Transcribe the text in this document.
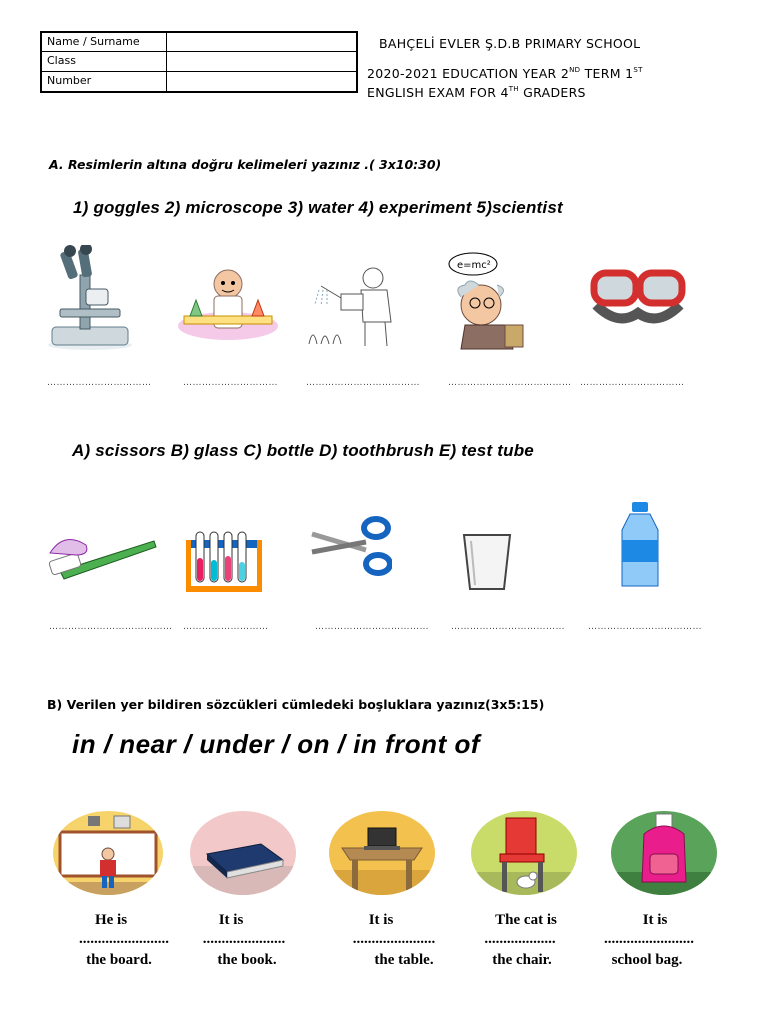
Name / Surname
Class
Number
BAHÇELİ EVLER Ş.D.B PRIMARY SCHOOL
2020-2021 EDUCATION YEAR 2ND TERM 1ST
ENGLISH EXAM FOR 4TH GRADERS
A. Resimlerin altına doğru kelimeleri yazınız .( 3x10:30)
1) goggles 2) microscope 3) water 4) experiment 5)scientist
e=mc²
……………………………	…………………………	………………………………	………………………………… ……………………………
A) scissors B) glass C) bottle D) toothbrush E) test tube
………………………………… ………………………	……………………………… ………………………………	………………………………
B) Verilen yer bildiren sözcükleri cümledeki boşluklara yazınız(3x5:15)
in / near / under / on / in front of
He is
........................
the board.
It is
......................
the book.
It is
......................
the table.
The cat is
...................
the chair.
It is
........................
school bag.
